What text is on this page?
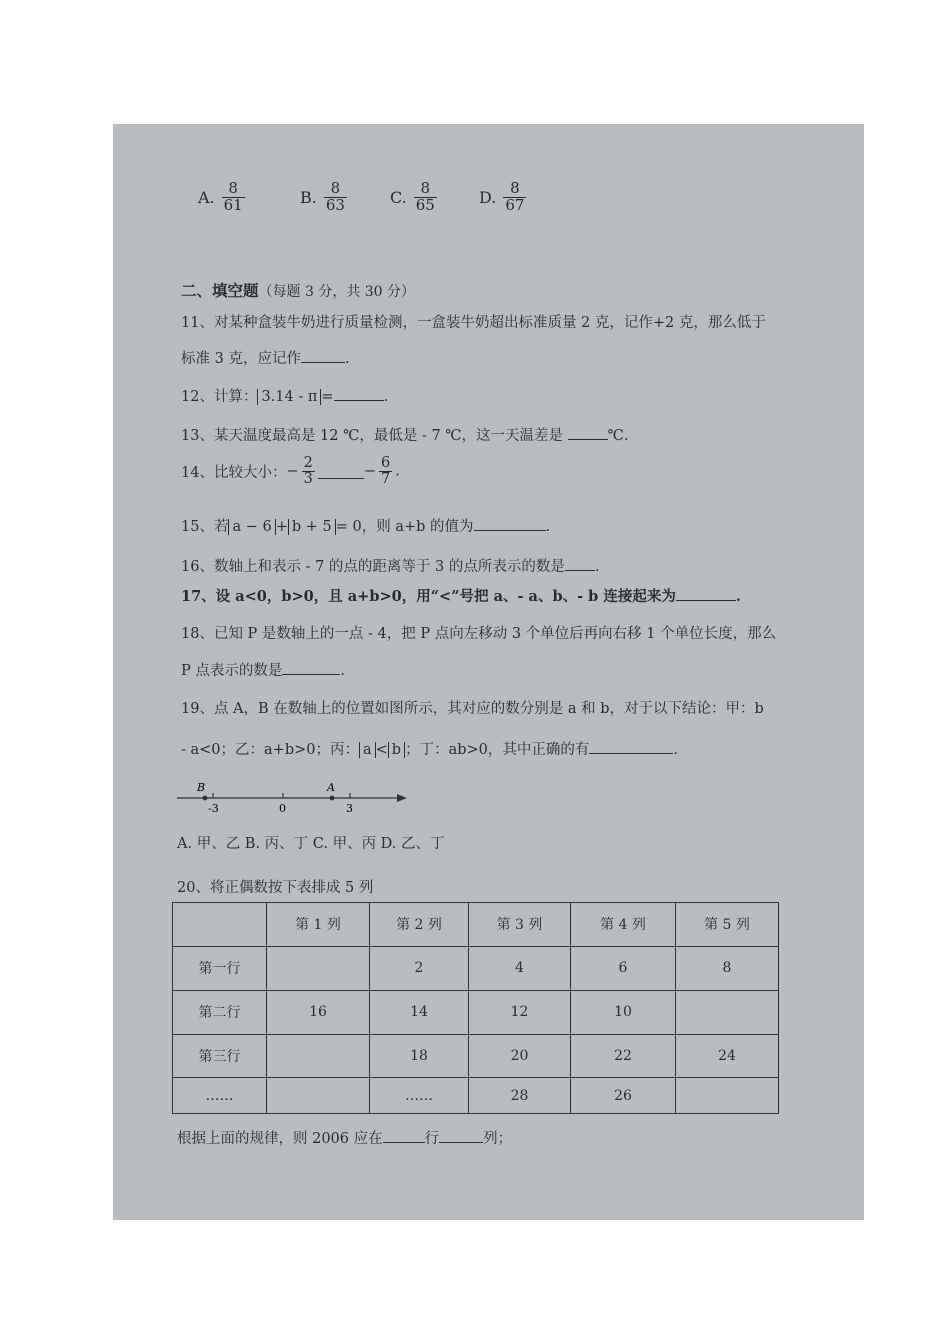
A. $\frac{8}{61}$	B. $\frac{8}{63}$	C. $\frac{8}{65}$	D. $\frac{8}{67}$
二、填空题（每题 3 分，共 30 分）
11、对某种盒装牛奶进行质量检测，一盒装牛奶超出标准质量 2 克，记作+2 克，那么低于
标准 3 克，应记作	.
12、计算： 3.14 - π =	.
13、某天温度最高是 12 ℃，最低是 - 7 ℃，这一天温差是	℃.
14、比较大小：− $\frac{2}{3}$	− $\frac{6}{7}$ .
15、若 a − 6 + b + 5 = 0，则 a+b 的值为	.
16、数轴上和表示 - 7 的点的距离等于 3 的点所表示的数是 .
17、设 a<0，b>0，且 a+b>0，用“<”号把 a、- a、b、- b 连接起来为	.
18、已知 P 是数轴上的一点 - 4，把 P 点向左移动 3 个单位后再向右移 1 个单位长度，那么
P 点表示的数是	.
19、点 A，B 在数轴上的位置如图所示，其对应的数分别是 a 和 b，对于以下结论：甲：b
- a<0；乙：a+b>0；丙： a < b ；丁：ab>0，其中正确的有	.
B	A
-3	0	3
A. 甲、乙 B. 丙、丁 C. 甲、丙 D. 乙、丁
20、将正偶数按下表排成 5 列
	第 1 列	第 2 列	第 3 列	第 4 列	第 5 列
第一行		2	4	6	8
第二行	16	14	12	10	
第三行		18	20	22	24
……		……	28	26	
根据上面的规律，则 2006 应在	行	列；
